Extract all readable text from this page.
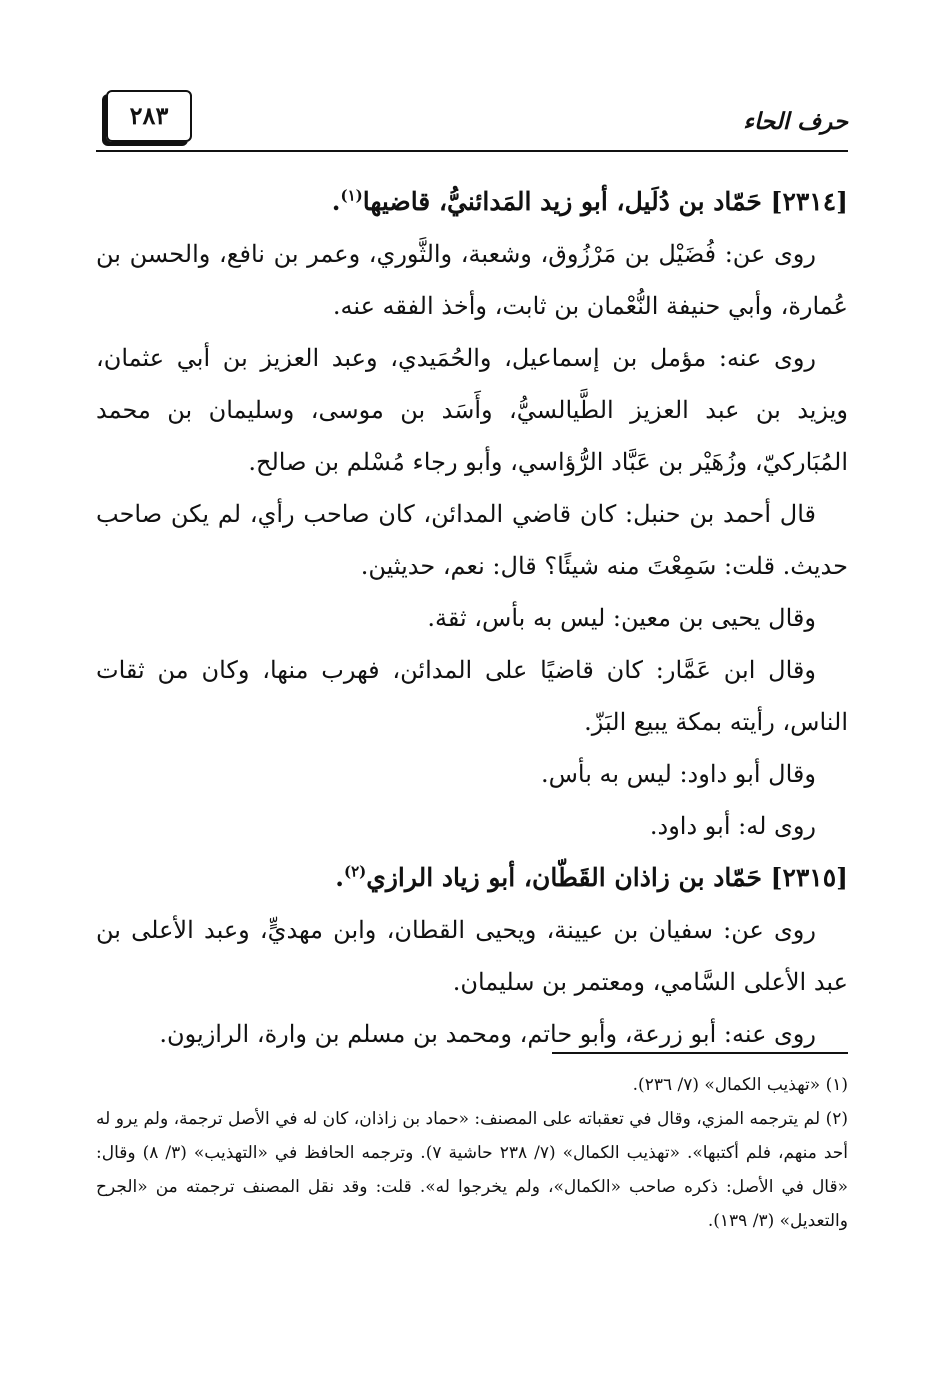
حرف الحاء
٢٨٣

[٢٣١٤] حَمّاد بن دُلَيل، أبو زيد المَدائنيُّ، قاضيها$^{(١)}$.

روى عن: فُضَيْل بن مَرْزُوق، وشعبة، والثَّوري، وعمر بن نافع، والحسن بن عُمارة، وأبي حنيفة النُّعْمان بن ثابت، وأخذ الفقه عنه.

روى عنه: مؤمل بن إسماعيل، والحُمَيدي، وعبد العزيز بن أبي عثمان، ويزيد بن عبد العزيز الطَّيالسيُّ، وأَسَد بن موسى، وسليمان بن محمد المُبَاركيّ، وزُهَيْر بن عَبَّاد الرُّؤاسي، وأبو رجاء مُسْلم بن صالح.

قال أحمد بن حنبل: كان قاضي المدائن، كان صاحب رأي، لم يكن صاحب حديث. قلت: سَمِعْتَ منه شيئًا؟ قال: نعم، حديثين.

وقال يحيى بن معين: ليس به بأس، ثقة.

وقال ابن عَمَّار: كان قاضيًا على المدائن، فهرب منها، وكان من ثقات الناس، رأيته بمكة يبيع البَزّ.

وقال أبو داود: ليس به بأس.

روى له: أبو داود.

[٢٣١٥] حَمّاد بن زاذان القَطّان، أبو زياد الرازي$^{(٢)}$.

روى عن: سفيان بن عيينة، ويحيى القطان، وابن مهديٍّ، وعبد الأعلى بن عبد الأعلى السَّامي، ومعتمر بن سليمان.

روى عنه: أبو زرعة، وأبو حاتم، ومحمد بن مسلم بن وارة، الرازيون.

(١) «تهذيب الكمال» (٧/ ٢٣٦).

(٢) لم يترجمه المزي، وقال في تعقباته على المصنف: «حماد بن زاذان، كان له في الأصل ترجمة، ولم يرو له أحد منهم، فلم أكتبها». «تهذيب الكمال» (٧/ ٢٣٨ حاشية ٧). وترجمه الحافظ في «التهذيب» (٣/ ٨) وقال: «قال في الأصل: ذكره صاحب «الكمال»، ولم يخرجوا له». قلت: وقد نقل المصنف ترجمته من «الجرح والتعديل» (٣/ ١٣٩).
